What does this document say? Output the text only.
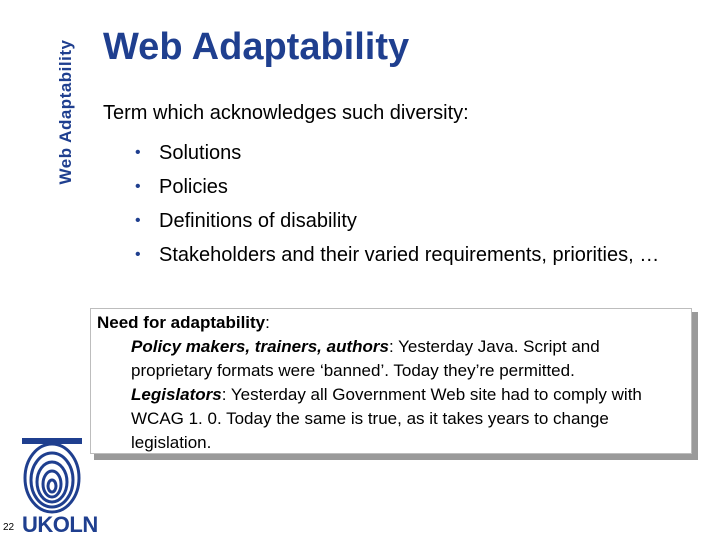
Web Adaptability
22 UKOLN
Web Adaptability
Term which acknowledges such diversity:
• Solutions
• Policies
• Definitions of disability
• Stakeholders and their varied requirements, priorities, …
Need for adaptability:
Policy makers, trainers, authors: Yesterday Java. Script and proprietary formats were ‘banned’. Today they’re permitted.
Legislators: Yesterday all Government Web site had to comply with WCAG 1. 0. Today the same is true, as it takes years to change legislation.
